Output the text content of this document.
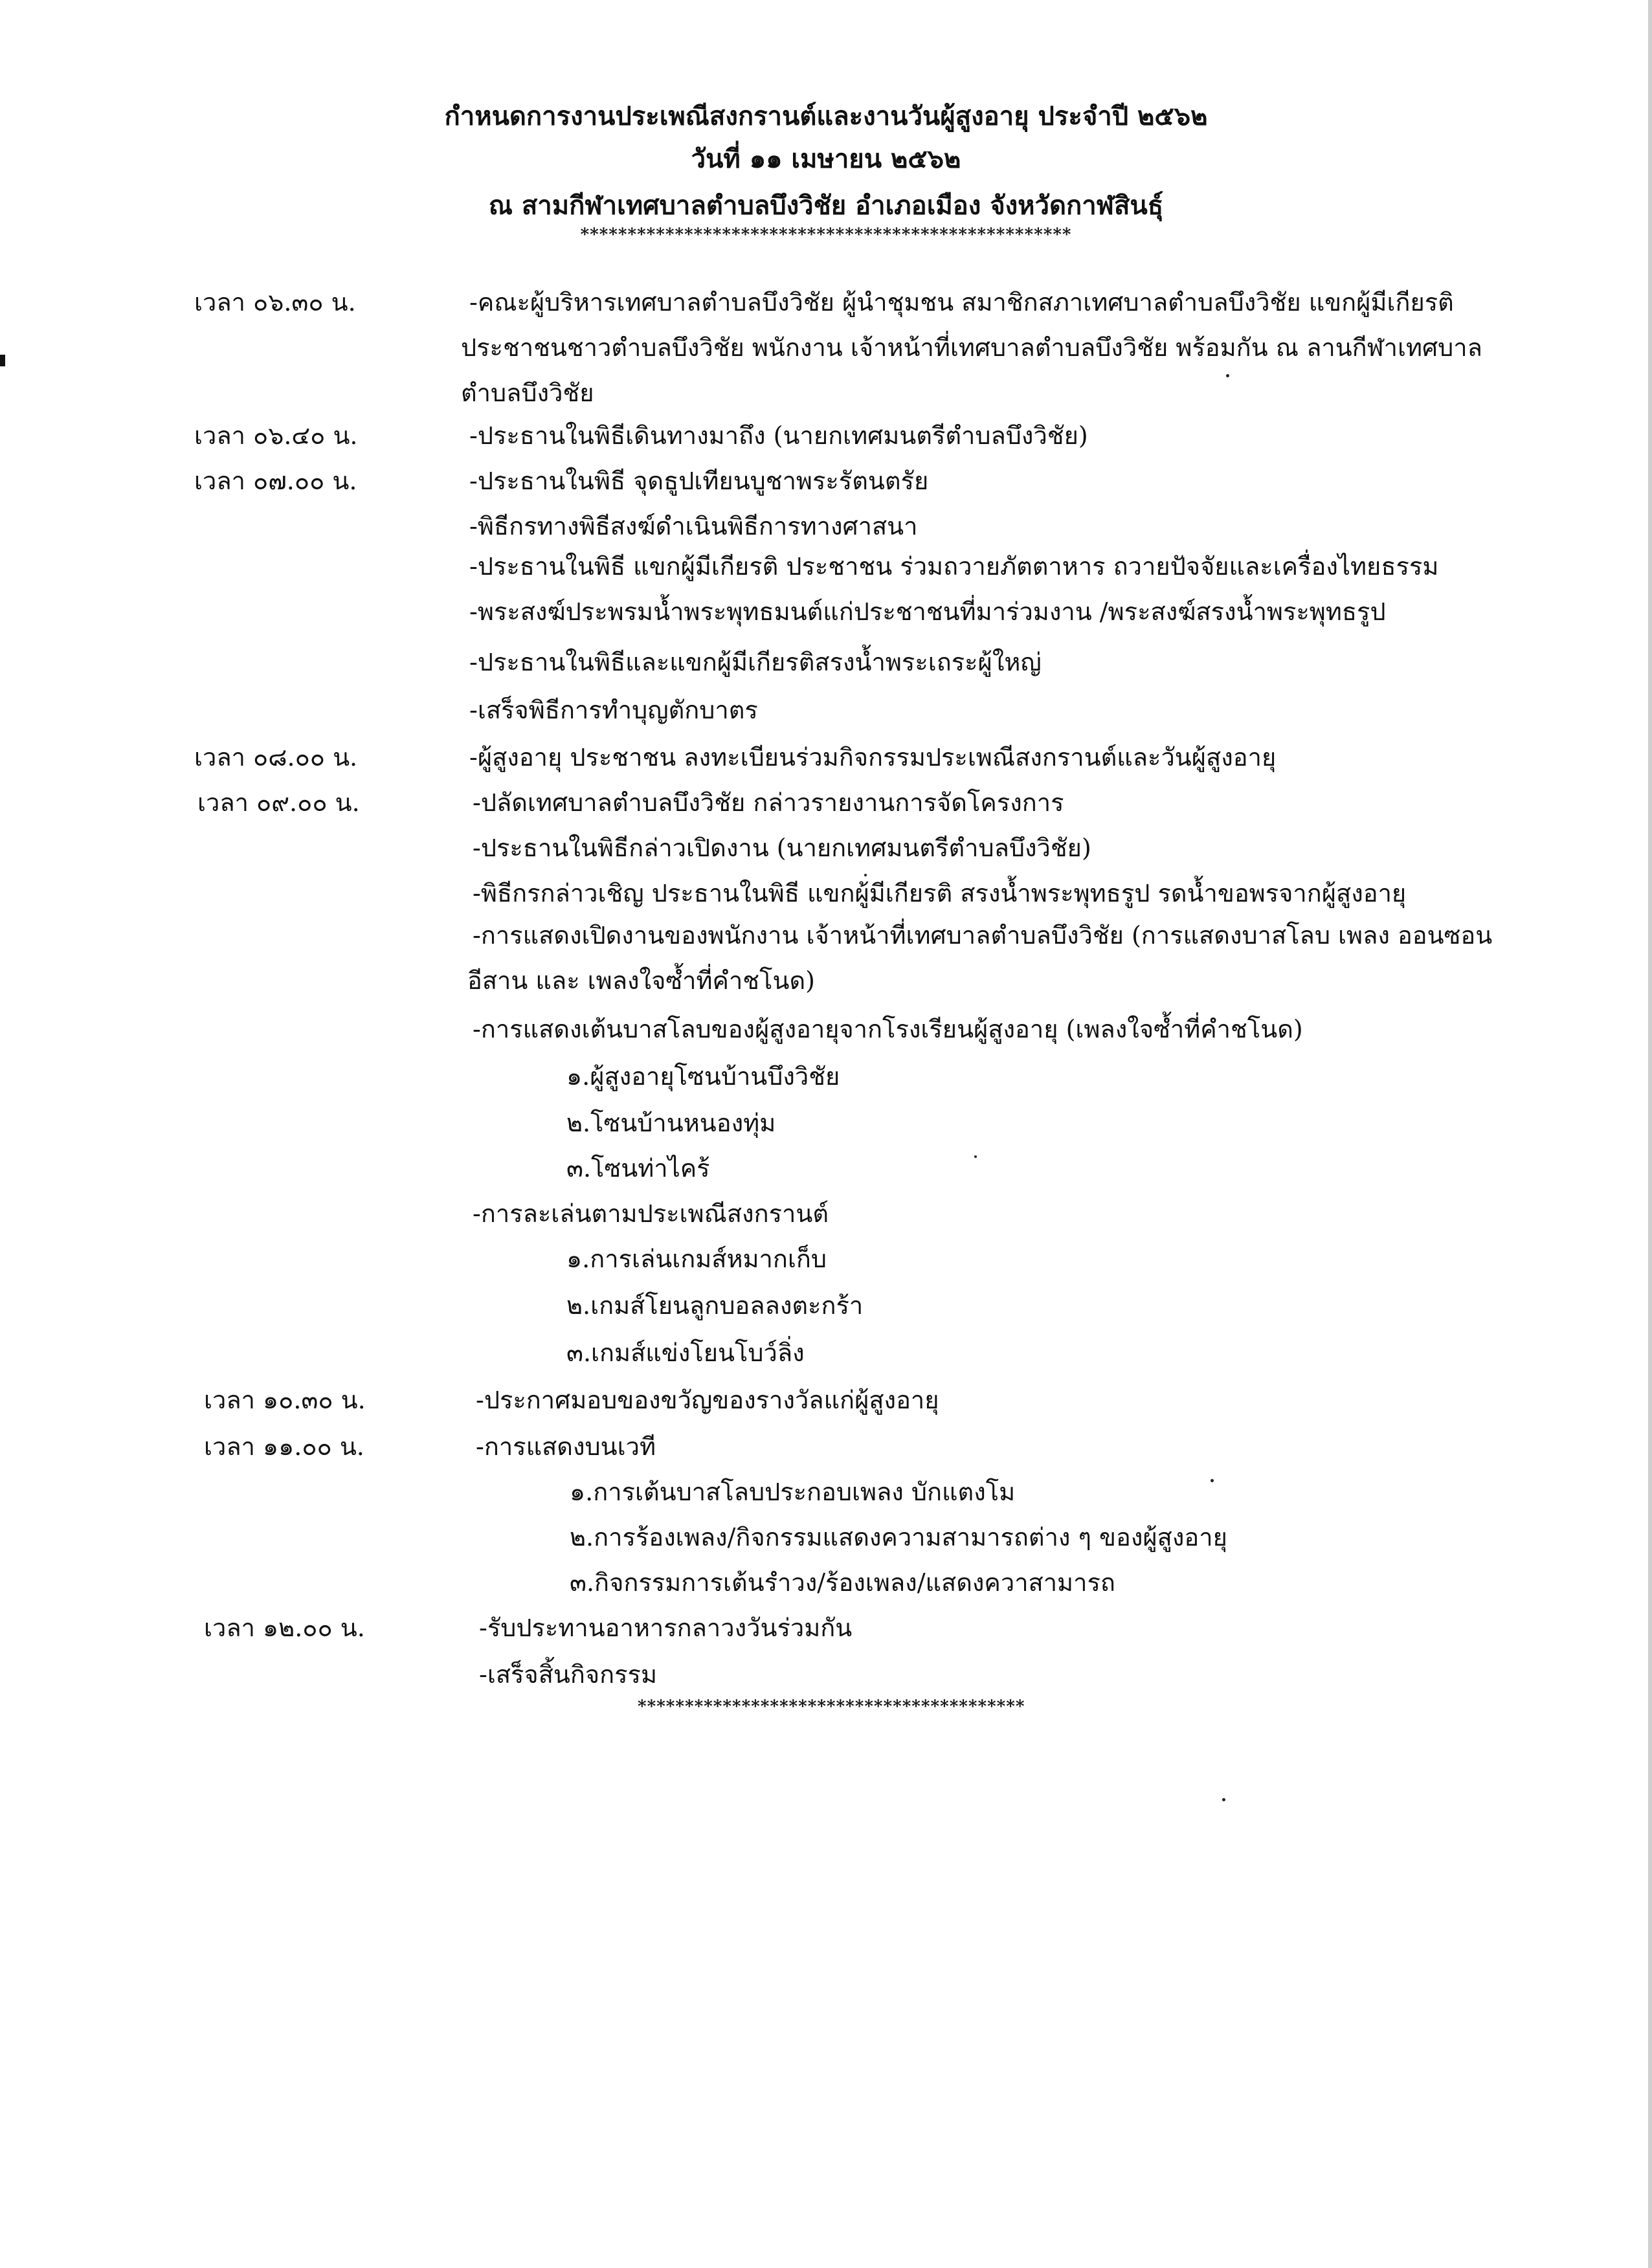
กำหนดการงานประเพณีสงกรานต์และงานวันผู้สูงอายุ ประจำปี ๒๕๖๒
วันที่ ๑๑ เมษายน ๒๕๖๒
ณ สามกีฬาเทศบาลตำบลบึงวิชัย อำเภอเมือง จังหวัดกาฬสินธุ์
****************************************************
เวลา ๐๖.๓๐ น.	-คณะผู้บริหารเทศบาลตำบลบึงวิชัย ผู้นำชุมชน สมาชิกสภาเทศบาลตำบลบึงวิชัย แขกผู้มีเกียรติ
ประชาชนชาวตำบลบึงวิชัย พนักงาน เจ้าหน้าที่เทศบาลตำบลบึงวิชัย พร้อมกัน ณ ลานกีฬาเทศบาล
ตำบลบึงวิชัย
เวลา ๐๖.๔๐ น.	-ประธานในพิธีเดินทางมาถึง (นายกเทศมนตรีตำบลบึงวิชัย)
เวลา ๐๗.๐๐ น.	-ประธานในพิธี จุดธูปเทียนบูชาพระรัตนตรัย
-พิธีกรทางพิธีสงฆ์ดำเนินพิธีการทางศาสนา
-ประธานในพิธี แขกผู้มีเกียรติ ประชาชน ร่วมถวายภัตตาหาร ถวายปัจจัยและเครื่องไทยธรรม
-พระสงฆ์ประพรมน้ำพระพุทธมนต์แก่ประชาชนที่มาร่วมงาน /พระสงฆ์สรงน้ำพระพุทธรูป
-ประธานในพิธีและแขกผู้มีเกียรติสรงน้ำพระเถระผู้ใหญ่
-เสร็จพิธีการทำบุญตักบาตร
เวลา ๐๘.๐๐ น.	-ผู้สูงอายุ ประชาชน ลงทะเบียนร่วมกิจกรรมประเพณีสงกรานต์และวันผู้สูงอายุ
เวลา ๐๙.๐๐ น.	-ปลัดเทศบาลตำบลบึงวิชัย กล่าวรายงานการจัดโครงการ
-ประธานในพิธีกล่าวเปิดงาน (นายกเทศมนตรีตำบลบึงวิชัย)
-พิธีกรกล่าวเชิญ ประธานในพิธี แขกผู้มีเกียรติ สรงน้ำพระพุทธรูป รดน้ำขอพรจากผู้สูงอายุ
-การแสดงเปิดงานของพนักงาน เจ้าหน้าที่เทศบาลตำบลบึงวิชัย (การแสดงบาสโลบ เพลง ออนซอน
อีสาน และ เพลงใจซ้ำที่คำชโนด)
-การแสดงเต้นบาสโลบของผู้สูงอายุจากโรงเรียนผู้สูงอายุ (เพลงใจซ้ำที่คำชโนด)
๑.ผู้สูงอายุโซนบ้านบึงวิชัย
๒.โซนบ้านหนองทุ่ม
๓.โซนท่าไคร้
-การละเล่นตามประเพณีสงกรานต์
๑.การเล่นเกมส์หมากเก็บ
๒.เกมส์โยนลูกบอลลงตะกร้า
๓.เกมส์แข่งโยนโบว์ลิ่ง
เวลา ๑๐.๓๐ น.	-ประกาศมอบของขวัญของรางวัลแก่ผู้สูงอายุ
เวลา ๑๑.๐๐ น.	-การแสดงบนเวที
๑.การเต้นบาสโลบประกอบเพลง บักแตงโม
๒.การร้องเพลง/กิจกรรมแสดงความสามารถต่าง ๆ ของผู้สูงอายุ
๓.กิจกรรมการเต้นรำวง/ร้องเพลง/แสดงควาสามารถ
เวลา ๑๒.๐๐ น.	-รับประทานอาหารกลาวงวันร่วมกัน
-เสร็จสิ้นกิจกรรม
*****************************************
